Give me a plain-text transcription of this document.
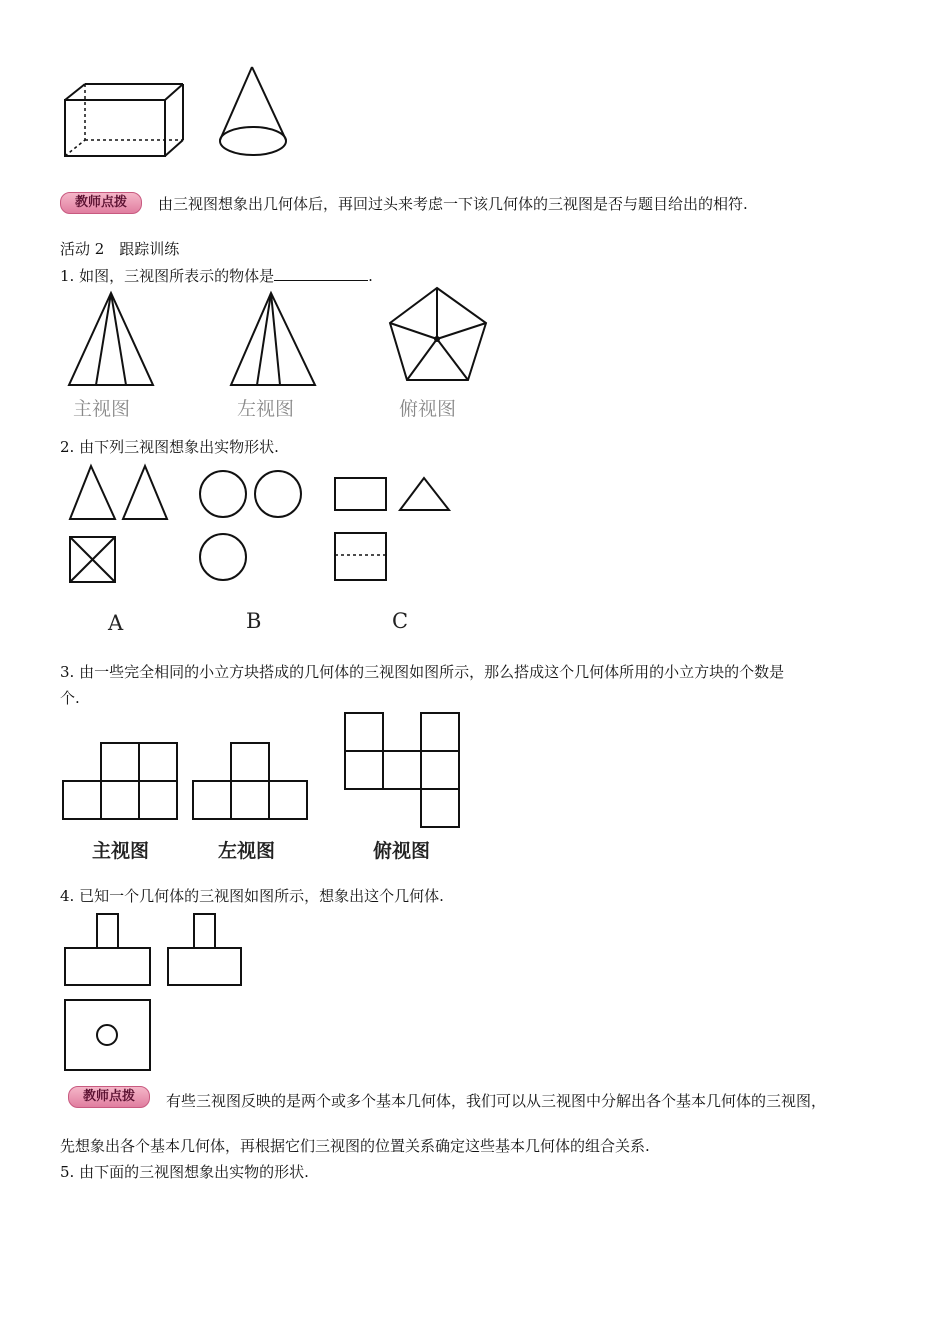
教师点拨	由三视图想象出几何体后，再回过头来考虑一下该几何体的三视图是否与题目给出的相符.
活动 2　跟踪训练
1. 如图，三视图所表示的物体是	.
主视图	左视图	俯视图
2. 由下列三视图想象出实物形状.
A	B	C
3. 由一些完全相同的小立方块搭成的几何体的三视图如图所示，那么搭成这个几何体所用的小立方块的个数是
个.
主视图	左视图	俯视图
4. 已知一个几何体的三视图如图所示，想象出这个几何体.
教师点拨	有些三视图反映的是两个或多个基本几何体，我们可以从三视图中分解出各个基本几何体的三视图，
先想象出各个基本几何体，再根据它们三视图的位置关系确定这些基本几何体的组合关系.
5. 由下面的三视图想象出实物的形状.
